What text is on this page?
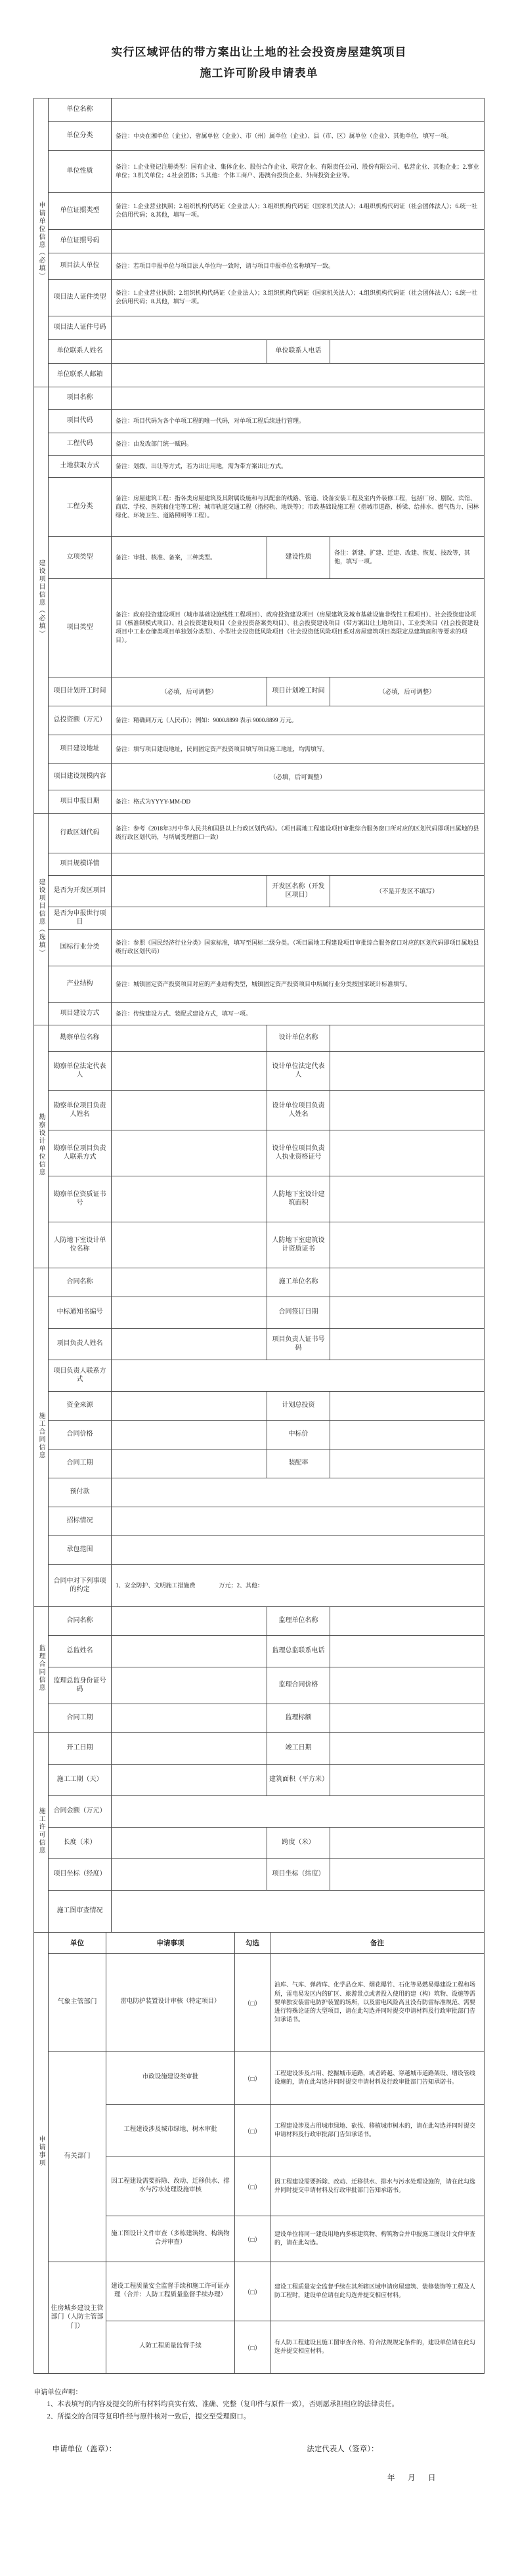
实行区域评估的带方案出让土地的社会投资房屋建筑项目
施工许可阶段申请表单
申请单位信息（必填）	单位名称			
	单位分类	备注：中央在湘单位（企业）、省属单位（企业）、市（州）属单位（企业）、县（市、区）属单位（企业）、其他单位，填写一项。		
	单位性质	备注：1.企业登记注册类型：国有企业、集体企业、股份合作企业、联营企业、有限责任公司、股份有限公司、私营企业、其他企业；2.事业单位；3.机关单位；4.社会团体；5.其他：个体工商户、港澳台投资企业、外商投资企业等。		
	单位证照类型	备注：1.企业营业执照；2.组织机构代码证（企业法人）；3.组织机构代码证（国家机关法人）；4.组织机构代码证（社会团体法人）；6.统一社会信用代码；8.其他，填写一项。		
	单位证照号码			
	项目法人单位	备注：若项目申报单位与项目法人单位均一致时，请与项目申报单位名称填写一致。		
	项目法人证件类型	备注：1.企业营业执照；2.组织机构代码证（企业法人）；3.组织机构代码证（国家机关法人）；4.组织机构代码证（社会团体法人）；6.统一社会信用代码；8.其他，填写一项。		
	项目法人证件号码			
	单位联系人姓名		单位联系人电话	
	单位联系人邮箱			
建设项目信息（必填）	项目名称			
	项目代码	备注：项目代码为各个单项工程的唯一代码，对单项工程后续进行管理。		
	工程代码	备注：由发改部门统一赋码。		
	土地获取方式	备注：划拨、出让等方式，若为出让用地，需为带方案出让方式。		
	工程分类	备注：房屋建筑工程：指各类房屋建筑及其附属设施和与其配套的线路、管道、设备安装工程及室内外装修工程，包括厂房、剧院、宾馆、商店、学校、医院和住宅等工程；城市轨道交通工程（指轻轨、地铁等）；市政基础设施工程（指城市道路、桥梁、给排水、燃气热力、园林绿化、环境卫生、道路照明等工程）。		
	立项类型	备注：审批、核准、备案，三种类型。	建设性质	备注：新建、扩建、迁建、改建、恢复、技改等，其他，填写一项。
	项目类型	备注：政府投资建设项目（城市基础设施线性工程项目）、政府投资建设项目（房屋建筑及城市基础设施非线性工程项目）、社会投资建设项目（核准制模式项目）、社会投资建设项目（企业投资备案类项目）、社会投资建设项目（带方案出让土地项目）、工业类项目（社会投资建设项目中工业仓储类项目单独划分类型）、小型社会投资低风险项目（社会投资低风险项目系对房屋建筑项目类限定总建筑面积等要求的项目）。		
	项目计划开工时间	（必填，后可调整）	项目计划竣工时间	（必填，后可调整）
	总投资额（万元）	备注：精确到万元（人民币）；例如：9000.8899 表示 9000.8899 万元。		
	项目建设地址	备注：填写项目建设地址，民间固定资产投资项目填写项目施工地址，均需填写。		
	项目建设规模内容	（必填，后可调整）		
	项目申报日期	备注：格式为YYYY-MM-DD		
建设项目信息（选填）	行政区划代码	备注：参考《2018年3月中华人民共和国县以上行政区划代码》。（项目属地工程建设项目审批综合服务窗口所对应的区划代码即项目属地的县级行政区划代码，与所属受理窗口一致）		
	项目规模详情			
	是否为开发区项目		开发区名称（开发区项目）	（不是开发区不填写）
	是否为申报世行项目			
	国标行业分类	备注：参照《国民经济行业分类》国家标准，填写至国标二级分类。（项目属地工程建设项目审批综合服务窗口对应的区划代码即项目属地县级行政区划代码）		
	产业结构	备注：城镇固定资产投资项目对应的产业结构类型，城镇固定资产投资项目中所属行业分类按国家统计标准填写。		
	项目建设方式	备注：传统建设方式、装配式建设方式，填写一项。		
勘察设计单位信息	勘察单位名称		设计单位名称	
	勘察单位法定代表人		设计单位法定代表人	
	勘察单位项目负责人姓名		设计单位项目负责人姓名	
	勘察单位项目负责人联系方式		设计单位项目负责人执业资格证号	
	勘察单位资质证书号		人防地下室设计建筑面积	
	人防地下室设计单位名称		人防地下室建筑设计资质证书	
施工合同信息	合同名称		施工单位名称	
	中标通知书编号		合同签订日期	
	项目负责人姓名		项目负责人证书号码	
	项目负责人联系方式			
	资金来源		计划总投资	
	合同价格		中标价	
	合同工期		装配率	
	预付款			
	招标情况			
	承包范围			
	合同中对下列事项的约定	1、安全防护、文明施工措施费　　　　万元；2、其他：		
监理合同信息	合同名称		监理单位名称	
	总监姓名		监理总监联系电话	
	监理总监身份证号码		监理合同价格	
	合同工期		监理标额	
施工许可信息	开工日期		竣工日期	
	施工工期（天）		建筑面积（平方米）	
	合同金额（万元）			
	长度（米）		跨度（米）	
	项目坐标（经度）		项目坐标（纬度）	
	施工图审查情况			
申请事项	单位	申请事项	勾选	备注
	气象主管部门	雷电防护装置设计审核（特定项目）	（□）	油库、气库、弹药库、化学品仓库、烟花爆竹、石化等易燃易爆建设工程和场所，雷电易发区内的矿区、旅游景点或者投入使用的建（构）筑物、设施等需要单独安装雷电防护装置的场所，以及雷电风险高且没有防雷标准规范、需要进行特殊论证的大型项目，请在此勾选并同时提交申请材料及行政审批部门告知承诺书。
	有关部门	市政设施建设类审批	（□）	工程建设涉及占用、挖掘城市道路，或者跨越、穿越城市道路架设、增设管线设施的，请在此勾选并同时提交申请材料及行政审批部门告知承诺书。
		工程建设涉及城市绿地、树木审批	（□）	工程建设涉及占用城市绿地、砍伐、移植城市树木的，请在此勾选并同时提交申请材料及行政审批部门告知承诺书。
		因工程建设需要拆除、改动、迁移供水、排水与污水处理设施审核	（□）	因工程建设需要拆除、改动、迁移供水、排水与污水处理设施的，请在此勾选并同时提交申请材料及行政审批部门告知承诺书。
		施工图设计文件审查（多栋建筑物、构筑物合并审查）	（□）	建设单位将同一建设用地内多栋建筑物、构筑物合并申报施工图设计文件审查的，请在此勾选。
	住房城乡建设主管部门（人防主管部门）	建设工程质量安全监督手续和施工许可证办理（合并：人防工程质量监督手续办理）	（□）	建设工程质量安全监督手续在其所辖区域申请房屋建筑、装修装饰等工程及人防工程时，建设单位请在此勾选并提交相应材料。
		人防工程质量监督手续	（□）	有人防工程建设且施工图审查合格、符合法规规定条件的，建设单位请在此勾选并提交相应材料。
申请单位声明：
1、本表填写的内容及提交的所有材料均真实有效、准确、完整（复印件与原件一致），否则愿承担相应的法律责任。
2、所提交的合同等复印件经与原件核对一致后，提交至受理窗口。
申请单位（盖章）：	法定代表人（签章）：
年　月　日
